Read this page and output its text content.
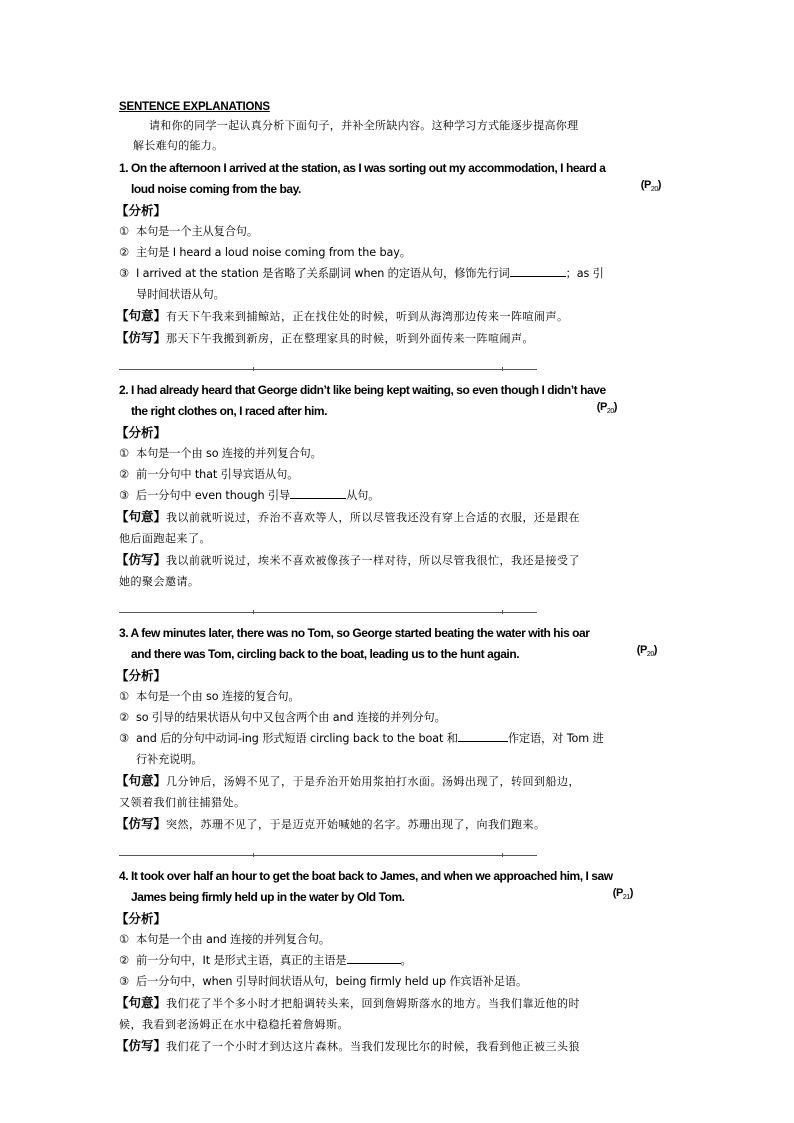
SENTENCE EXPLANATIONS
请和你的同学一起认真分析下面句子，并补全所缺内容。这种学习方式能逐步提高你理
解长难句的能力。
1. On the afternoon I arrived at the station, as I was sorting out my accommodation, I heard a
loud noise coming from the bay.	$(P_{20})$
【分析】
① 本句是一个主从复合句。
② 主句是 I heard a loud noise coming from the bay。
③ I arrived at the station 是省略了关系副词 when 的定语从句，修饰先行词	；as 引
导时间状语从句。
【句意】有天下午我来到捕鲸站，正在找住处的时候，听到从海湾那边传来一阵喧闹声。
【仿写】那天下午我搬到新房，正在整理家具的时候，听到外面传来一阵喧闹声。
2. I had already heard that George didn’t like being kept waiting, so even though I didn’t have
the right clothes on, I raced after him.	$(P_{20})$
【分析】
① 本句是一个由 so 连接的并列复合句。
② 前一分句中 that 引导宾语从句。
③ 后一分句中 even though 引导	从句。
【句意】我以前就听说过，乔治不喜欢等人，所以尽管我还没有穿上合适的衣服，还是跟在
他后面跑起来了。
【仿写】我以前就听说过，埃米不喜欢被像孩子一样对待，所以尽管我很忙，我还是接受了
她的聚会邀请。
3. A few minutes later, there was no Tom, so George started beating the water with his oar
and there was Tom, circling back to the boat, leading us to the hunt again.	$(P_{20})$
【分析】
① 本句是一个由 so 连接的复合句。
② so 引导的结果状语从句中又包含两个由 and 连接的并列分句。
③ and 后的分句中动词-ing 形式短语 circling back to the boat 和	作定语，对 Tom 进
行补充说明。
【句意】几分钟后，汤姆不见了，于是乔治开始用浆拍打水面。汤姆出现了，转回到船边，
又领着我们前往捕猎处。
【仿写】突然，苏珊不见了，于是迈克开始喊她的名字。苏珊出现了，向我们跑来。
4. It took over half an hour to get the boat back to James, and when we approached him, I saw
James being firmly held up in the water by Old Tom.	$(P_{21})$
【分析】
① 本句是一个由 and 连接的并列复合句。
② 前一分句中，It 是形式主语，真正的主语是	。
③ 后一分句中，when 引导时间状语从句，being firmly held up 作宾语补足语。
【句意】我们花了半个多小时才把船调转头来，回到詹姆斯落水的地方。当我们靠近他的时
候，我看到老汤姆正在水中稳稳托着詹姆斯。
【仿写】我们花了一个小时才到达这片森林。当我们发现比尔的时候，我看到他正被三头狼
